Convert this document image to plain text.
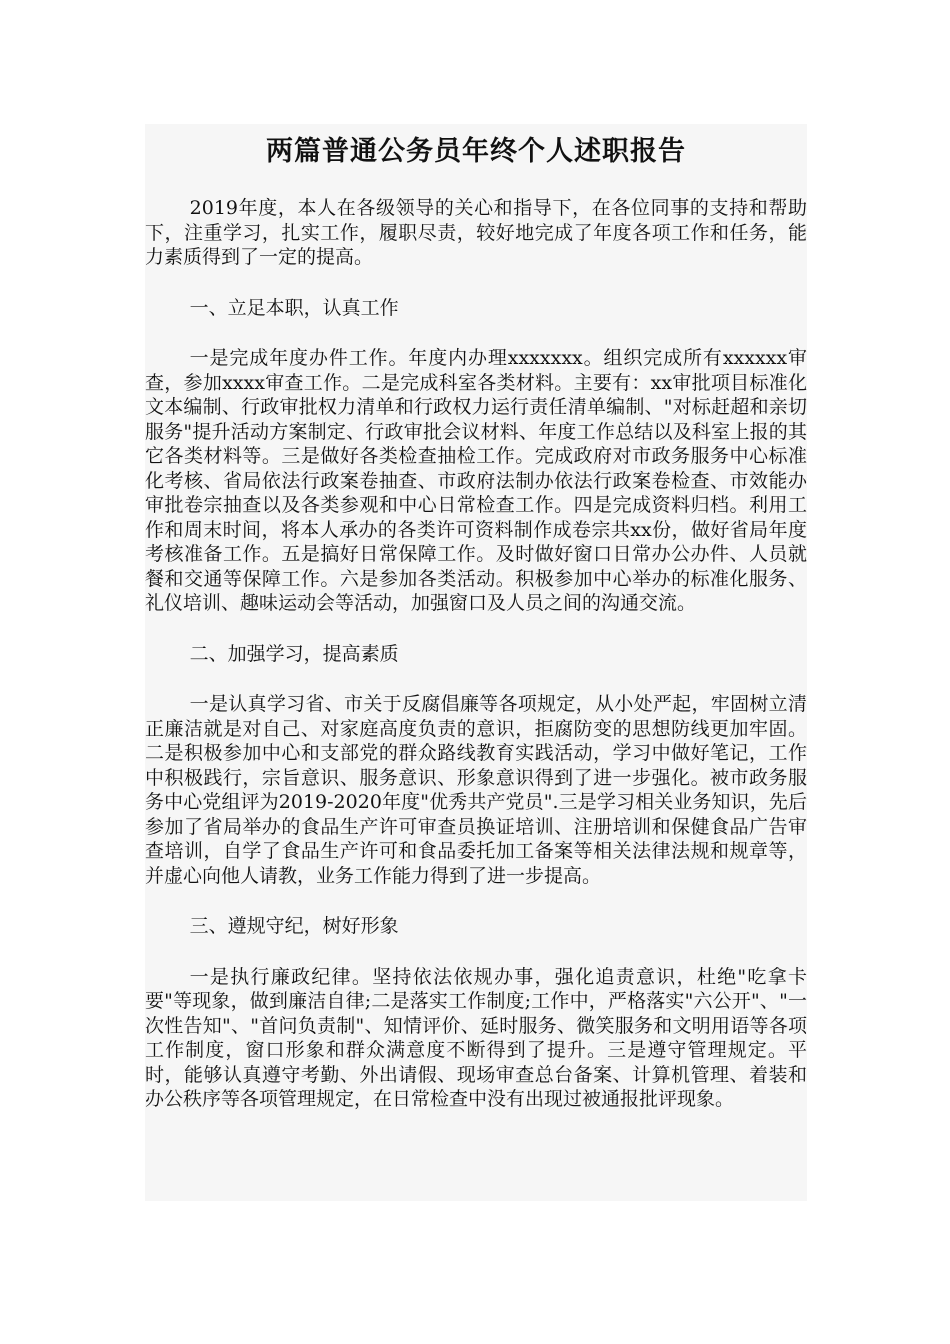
两篇普通公务员年终个人述职报告

2019年度，本人在各级领导的关心和指导下，在各位同事的支持和帮助下，注重学习，扎实工作，履职尽责，较好地完成了年度各项工作和任务，能力素质得到了一定的提高。

一、立足本职，认真工作

一是完成年度办件工作。年度内办理xxxxxxx。组织完成所有xxxxxx审查，参加xxxx审查工作。二是完成科室各类材料。主要有：xx审批项目标准化文本编制、行政审批权力清单和行政权力运行责任清单编制、"对标赶超和亲切服务"提升活动方案制定、行政审批会议材料、年度工作总结以及科室上报的其它各类材料等。三是做好各类检查抽检工作。完成政府对市政务服务中心标准化考核、省局依法行政案卷抽查、市政府法制办依法行政案卷检查、市效能办审批卷宗抽查以及各类参观和中心日常检查工作。四是完成资料归档。利用工作和周末时间，将本人承办的各类许可资料制作成卷宗共xx份，做好省局年度考核准备工作。五是搞好日常保障工作。及时做好窗口日常办公办件、人员就餐和交通等保障工作。六是参加各类活动。积极参加中心举办的标准化服务、礼仪培训、趣味运动会等活动，加强窗口及人员之间的沟通交流。

二、加强学习，提高素质

一是认真学习省、市关于反腐倡廉等各项规定，从小处严起，牢固树立清正廉洁就是对自己、对家庭高度负责的意识，拒腐防变的思想防线更加牢固。二是积极参加中心和支部党的群众路线教育实践活动，学习中做好笔记，工作中积极践行，宗旨意识、服务意识、形象意识得到了进一步强化。被市政务服务中心党组评为2019-2020年度"优秀共产党员".三是学习相关业务知识，先后参加了省局举办的食品生产许可审查员换证培训、注册培训和保健食品广告审查培训，自学了食品生产许可和食品委托加工备案等相关法律法规和规章等，并虚心向他人请教，业务工作能力得到了进一步提高。

三、遵规守纪，树好形象

一是执行廉政纪律。坚持依法依规办事，强化追责意识，杜绝"吃拿卡要"等现象，做到廉洁自律;二是落实工作制度;工作中，严格落实"六公开"、"一次性告知"、"首问负责制"、知情评价、延时服务、微笑服务和文明用语等各项工作制度，窗口形象和群众满意度不断得到了提升。三是遵守管理规定。平时，能够认真遵守考勤、外出请假、现场审查总台备案、计算机管理、着装和办公秩序等各项管理规定，在日常检查中没有出现过被通报批评现象。
